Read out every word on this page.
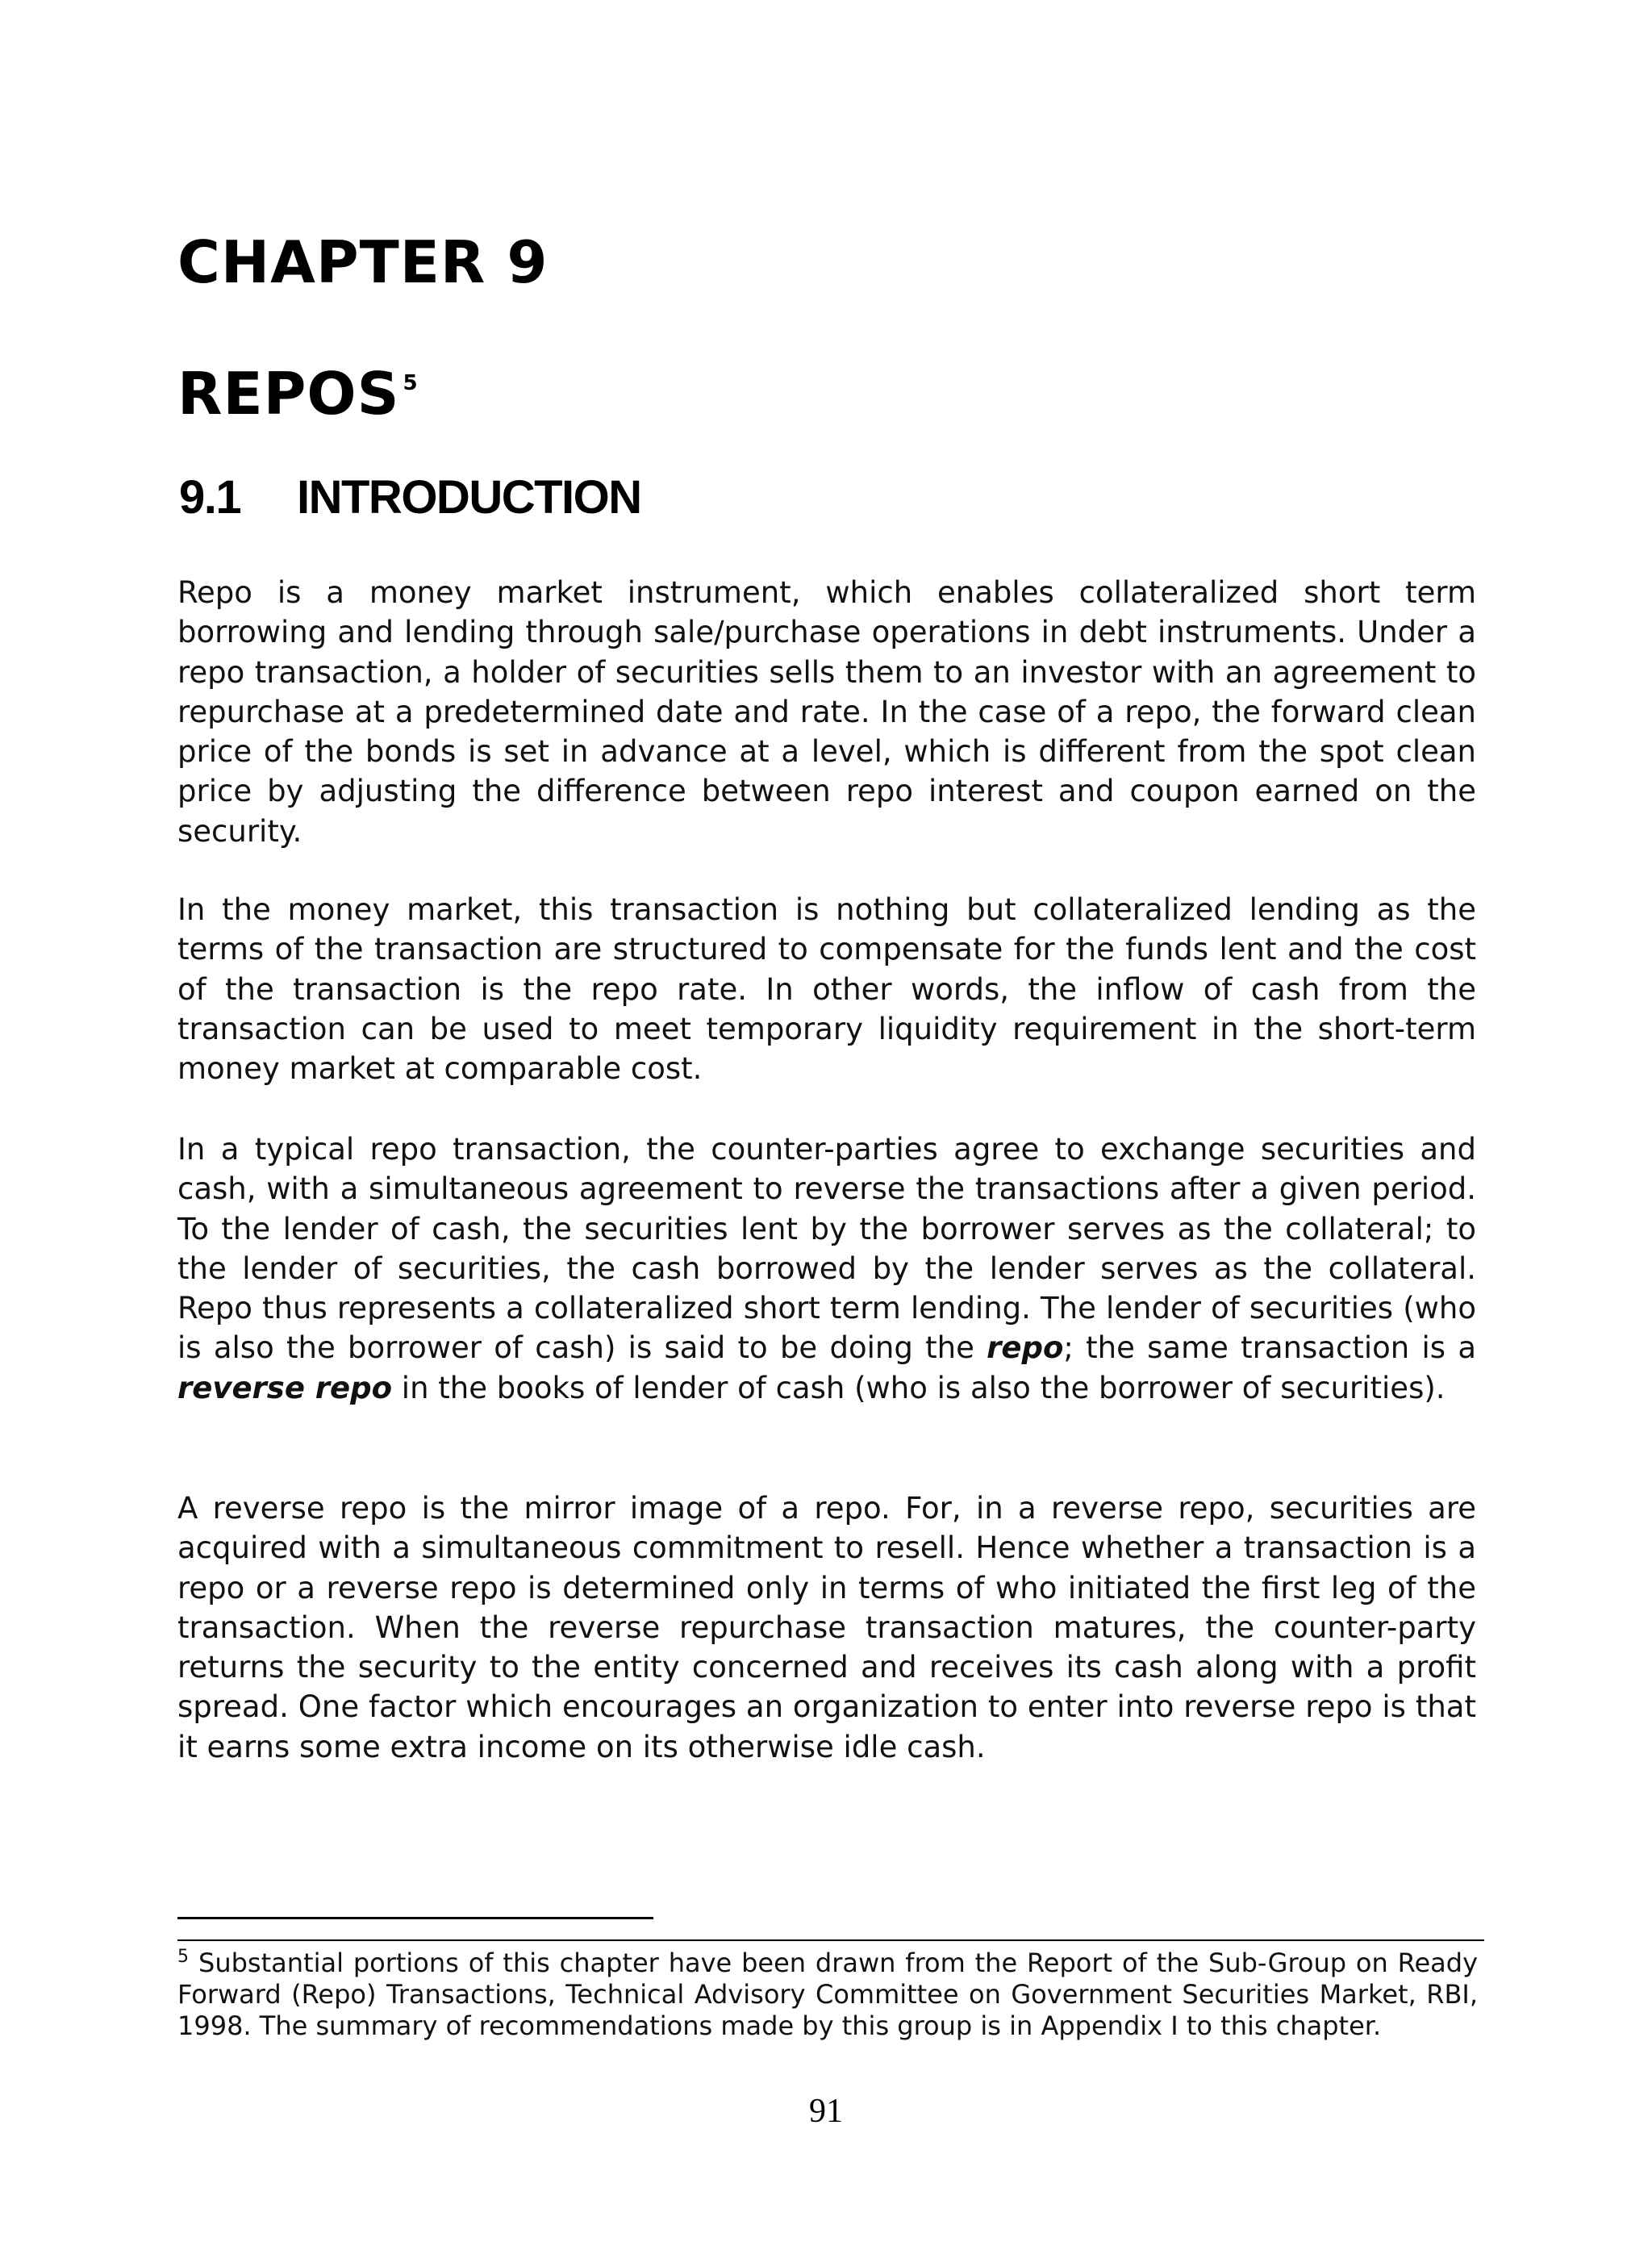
CHAPTER 9
REPOS $^5$
9.1 INTRODUCTION

Repo is a money market instrument, which enables collateralized short term borrowing and lending through sale/purchase operations in debt instruments. Under a repo transaction, a holder of securities sells them to an investor with an agreement to repurchase at a predetermined date and rate. In the case of a repo, the forward clean price of the bonds is set in advance at a level, which is different from the spot clean price by adjusting the difference between repo interest and coupon earned on the security.

In the money market, this transaction is nothing but collateralized lending as the terms of the transaction are structured to compensate for the funds lent and the cost of the transaction is the repo rate. In other words, the inflow of cash from the transaction can be used to meet temporary liquidity requirement in the short-term money market at comparable cost.

In a typical repo transaction, the counter-parties agree to exchange securities and cash, with a simultaneous agreement to reverse the transactions after a given period. To the lender of cash, the securities lent by the borrower serves as the collateral; to the lender of securities, the cash borrowed by the lender serves as the collateral. Repo thus represents a collateralized short term lending. The lender of securities (who is also the borrower of cash) is said to be doing the repo; the same transaction is a reverse repo in the books of lender of cash (who is also the borrower of securities).

A reverse repo is the mirror image of a repo. For, in a reverse repo, securities are acquired with a simultaneous commitment to resell. Hence whether a transaction is a repo or a reverse repo is determined only in terms of who initiated the first leg of the transaction. When the reverse repurchase transaction matures, the counter-party returns the security to the entity concerned and receives its cash along with a profit spread. One factor which encourages an organization to enter into reverse repo is that it earns some extra income on its otherwise idle cash.

$^5$ Substantial portions of this chapter have been drawn from the Report of the Sub-Group on Ready Forward (Repo) Transactions, Technical Advisory Committee on Government Securities Market, RBI, 1998. The summary of recommendations made by this group is in Appendix I to this chapter.

91
